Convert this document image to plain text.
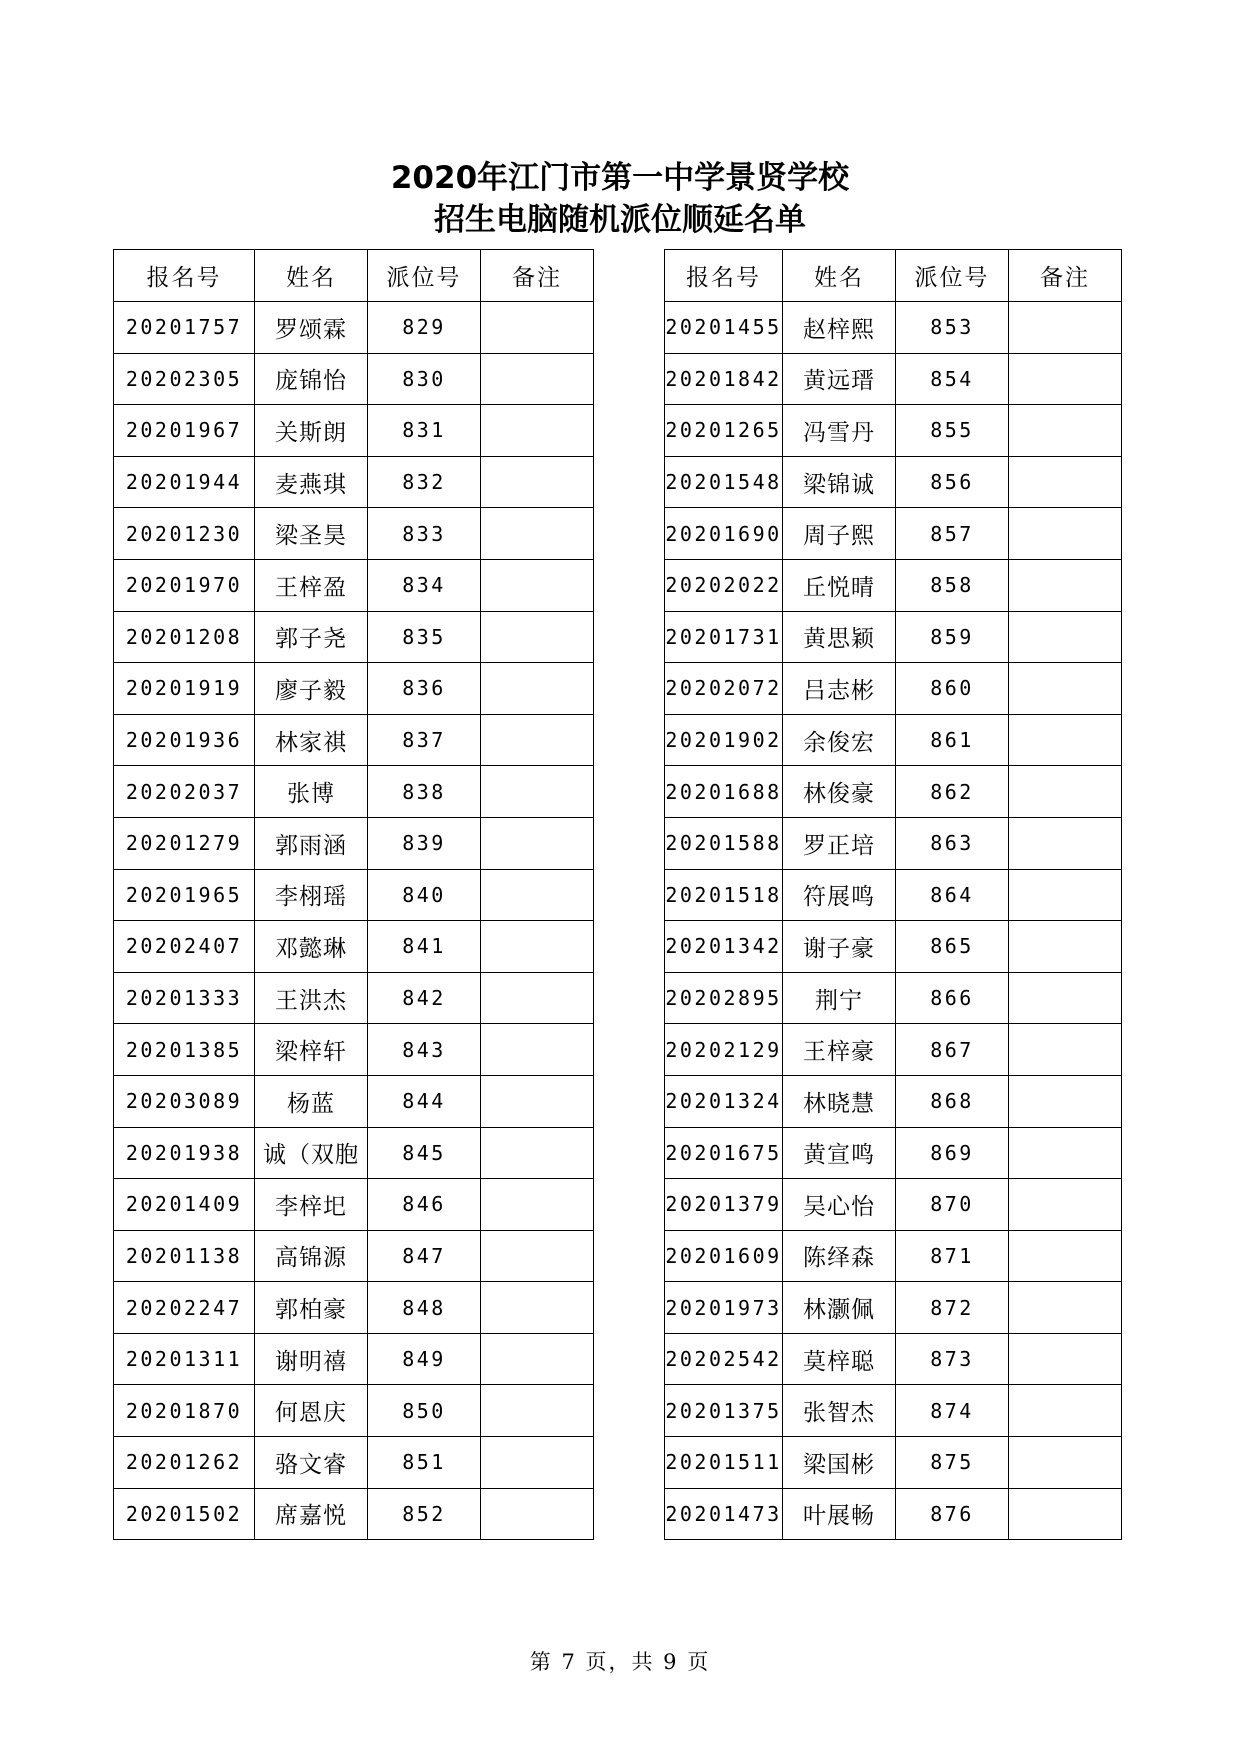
2020年江门市第一中学景贤学校
招生电脑随机派位顺延名单
报名号	姓名	派位号	备注
20201757	罗颂霖	829	
20202305	庞锦怡	830	
20201967	关斯朗	831	
20201944	麦燕琪	832	
20201230	梁圣昊	833	
20201970	王梓盈	834	
20201208	郭子尧	835	
20201919	廖子毅	836	
20201936	林家祺	837	
20202037	张博	838	
20201279	郭雨涵	839	
20201965	李栩瑶	840	
20202407	邓懿琳	841	
20201333	王洪杰	842	
20201385	梁梓轩	843	
20203089	杨蓝	844	
20201938	诚（双胞	845	
20201409	李梓圯	846	
20201138	高锦源	847	
20202247	郭柏豪	848	
20201311	谢明禧	849	
20201870	何恩庆	850	
20201262	骆文睿	851	
20201502	席嘉悦	852	
报名号	姓名	派位号	备注
20201455	赵梓熙	853	
20201842	黄远瑨	854	
20201265	冯雪丹	855	
20201548	梁锦诚	856	
20201690	周子熙	857	
20202022	丘悦晴	858	
20201731	黄思颖	859	
20202072	吕志彬	860	
20201902	余俊宏	861	
20201688	林俊豪	862	
20201588	罗正培	863	
20201518	符展鸣	864	
20201342	谢子豪	865	
20202895	荆宁	866	
20202129	王梓豪	867	
20201324	林晓慧	868	
20201675	黄宣鸣	869	
20201379	吴心怡	870	
20201609	陈绎森	871	
20201973	林灏佩	872	
20202542	莫梓聪	873	
20201375	张智杰	874	
20201511	梁国彬	875	
20201473	叶展畅	876	
第 7 页，共 9 页
